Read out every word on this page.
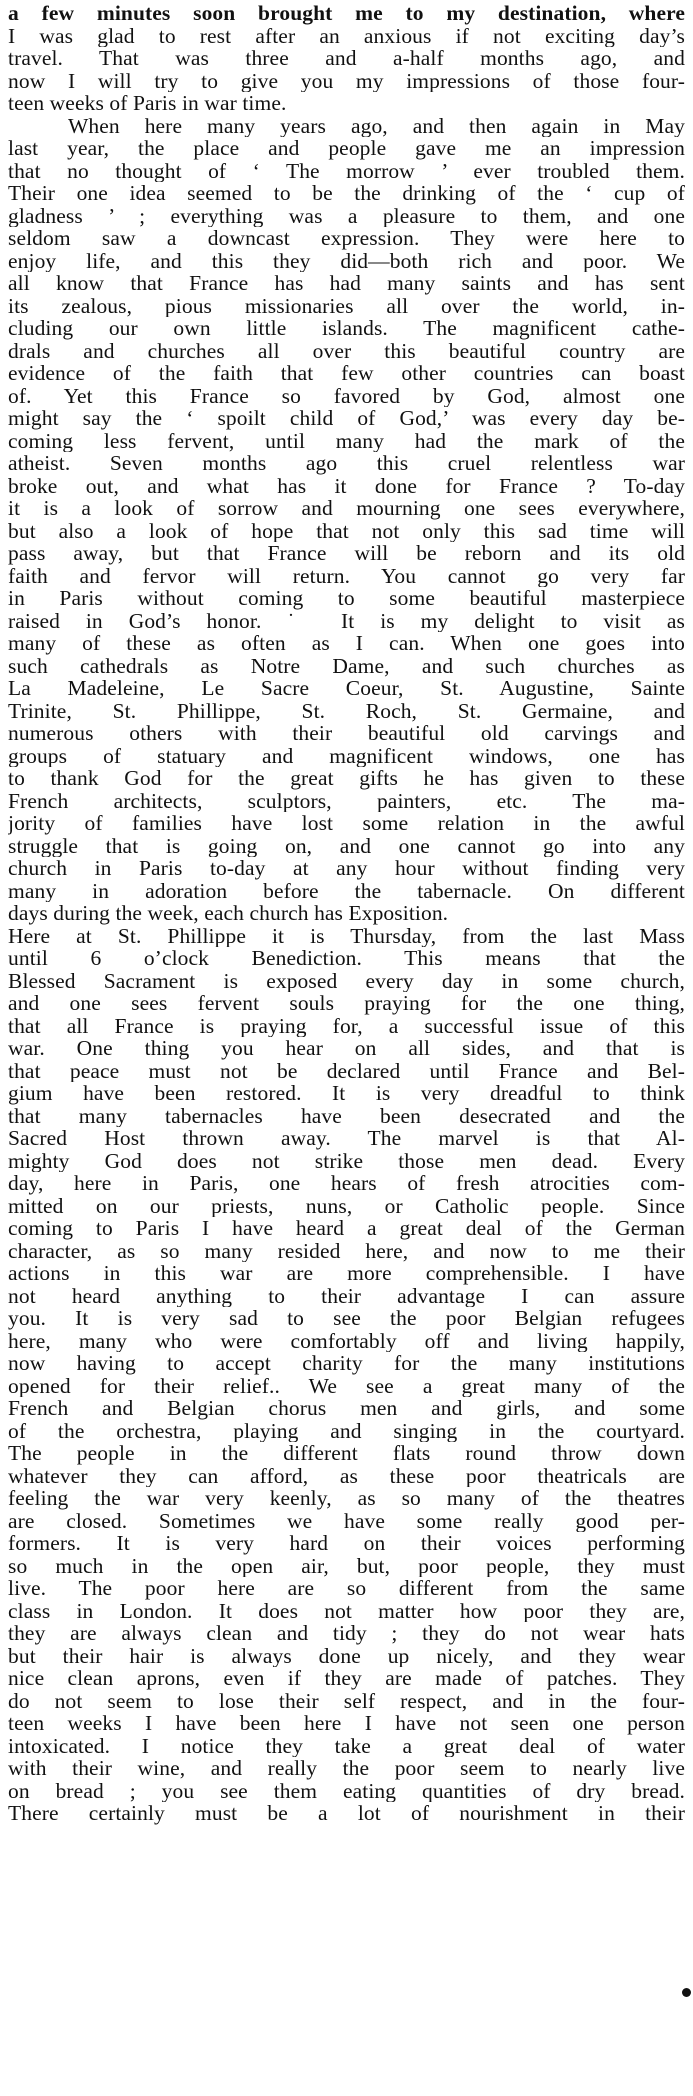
a few minutes soon brought me to my destination, where
I was glad to rest after an anxious if not exciting day’s
travel. That was three and a-half months ago, and
now I will try to give you my impressions of those four-
teen weeks of Paris in war time.
When here many years ago, and then again in May
last year, the place and people gave me an impression
that no thought of ‘ The morrow ’ ever troubled them.
Their one idea seemed to be the drinking of the ‘ cup of
gladness ’ ; everything was a pleasure to them, and one
seldom saw a downcast expression. They were here to
enjoy life, and this they did—both rich and poor. We
all know that France has had many saints and has sent
its zealous, pious missionaries all over the world, in-
cluding our own little islands. The magnificent cathe-
drals and churches all over this beautiful country are
evidence of the faith that few other countries can boast
of. Yet this France so favored by God, almost one
might say the ‘ spoilt child of God,’ was every day be-
coming less fervent, until many had the mark of the
atheist. Seven months ago this cruel relentless war
broke out, and what has it done for France ? To-day
it is a look of sorrow and mourning one sees everywhere,
but also a look of hope that not only this sad time will
pass away, but that France will be reborn and its old
faith and fervor will return. You cannot go very far
in Paris without coming to some beautiful masterpiece
raised in God’s honor. ˙ It is my delight to visit as
many of these as often as I can. When one goes into
such cathedrals as Notre Dame, and such churches as
La Madeleine, Le Sacre Coeur, St. Augustine, Sainte
Trinite, St. Phillippe, St. Roch, St. Germaine, and
numerous others with their beautiful old carvings and
groups of statuary and magnificent windows, one has
to thank God for the great gifts he has given to these
French architects, sculptors, painters, etc. The ma-
jority of families have lost some relation in the awful
struggle that is going on, and one cannot go into any
church in Paris to-day at any hour without finding very
many in adoration before the tabernacle. On different
days during the week, each church has Exposition.
Here at St. Phillippe it is Thursday, from the last Mass
until 6 o’clock Benediction. This means that the
Blessed Sacrament is exposed every day in some church,
and one sees fervent souls praying for the one thing,
that all France is praying for, a successful issue of this
war. One thing you hear on all sides, and that is
that peace must not be declared until France and Bel-
gium have been restored. It is very dreadful to think
that many tabernacles have been desecrated and the
Sacred Host thrown away. The marvel is that Al-
mighty God does not strike those men dead. Every
day, here in Paris, one hears of fresh atrocities com-
mitted on our priests, nuns, or Catholic people. Since
coming to Paris I have heard a great deal of the German
character, as so many resided here, and now to me their
actions in this war are more comprehensible. I have
not heard anything to their advantage I can assure
you. It is very sad to see the poor Belgian refugees
here, many who were comfortably off and living happily,
now having to accept charity for the many institutions
opened for their relief.. We see a great many of the
French and Belgian chorus men and girls, and some
of the orchestra, playing and singing in the courtyard.
The people in the different flats round throw down
whatever they can afford, as these poor theatricals are
feeling the war very keenly, as so many of the theatres
are closed. Sometimes we have some really good per-
formers. It is very hard on their voices performing
so much in the open air, but, poor people, they must
live. The poor here are so different from the same
class in London. It does not matter how poor they are,
they are always clean and tidy ; they do not wear hats
but their hair is always done up nicely, and they wear
nice clean aprons, even if they are made of patches. They
do not seem to lose their self respect, and in the four-
teen weeks I have been here I have not seen one person
intoxicated. I notice they take a great deal of water
with their wine, and really the poor seem to nearly live
on bread ; you see them eating quantities of dry bread.
There certainly must be a lot of nourishment in their
